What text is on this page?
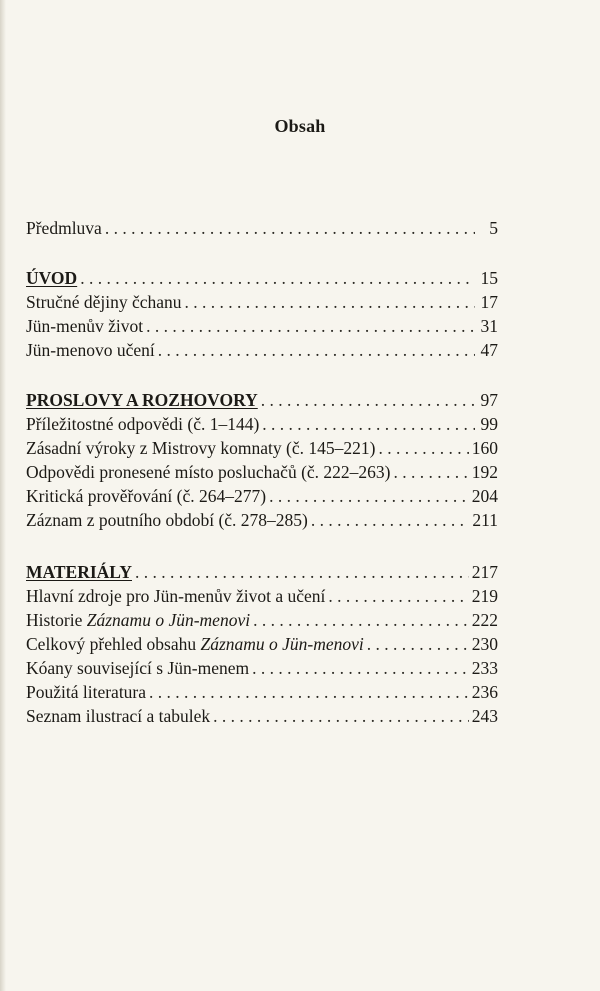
Obsah
Předmluva . . .	5
ÚVOD . . .	15
Stručné dějiny čchanu . . .	17
Jün-menův život . . .	31
Jün-menovo učení . . .	47
PROSLOVY A ROZHOVORY . . .	97
Příležitostné odpovědi (č. 1–144) . . .	99
Zásadní výroky z Mistrovy komnaty (č. 145–221) . . .	160
Odpovědi pronesené místo posluchačů (č. 222–263) . . .	192
Kritická prověřování (č. 264–277) . . .	204
Záznam z poutního období (č. 278–285) . . .	211
MATERIÁLY . . .	217
Hlavní zdroje pro Jün-menův život a učení . . .	219
Historie Záznamu o Jün-menovi . . .	222
Celkový přehled obsahu Záznamu o Jün-menovi . . .	230
Kóany související s Jün-menem . . .	233
Použitá literatura . . .	236
Seznam ilustrací a tabulek . . .	243
